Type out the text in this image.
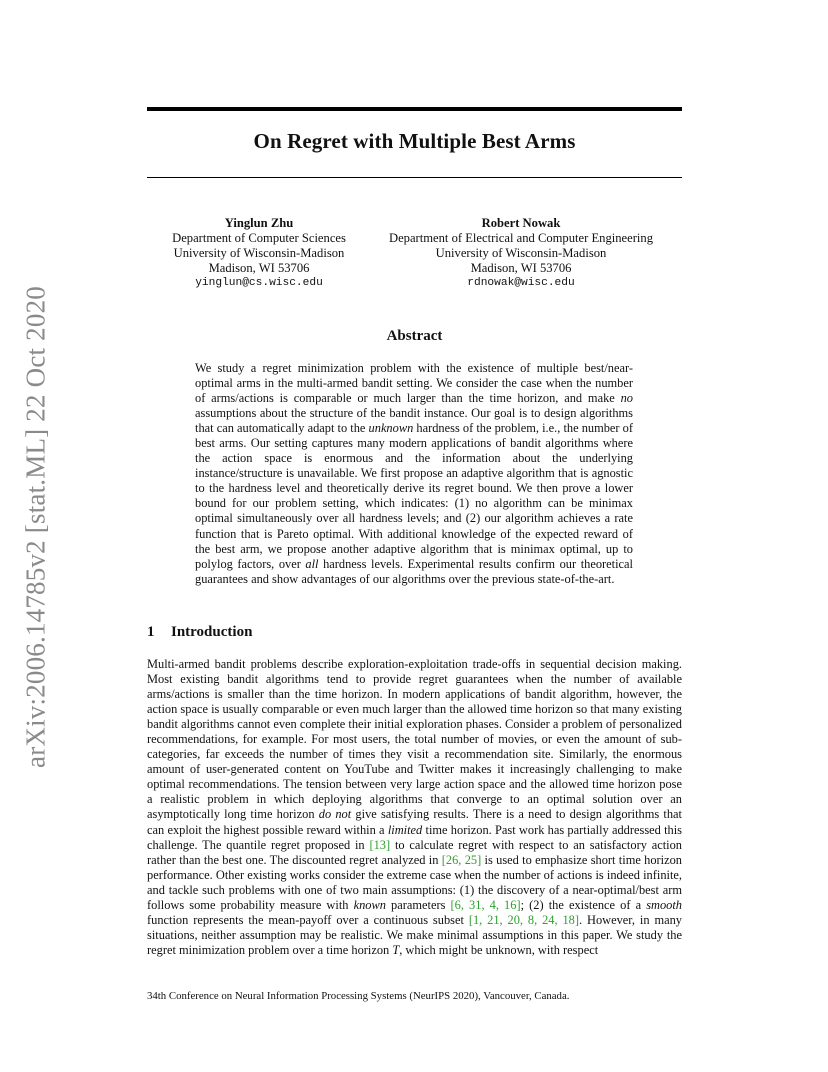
arXiv:2006.14785v2 [stat.ML] 22 Oct 2020
On Regret with Multiple Best Arms
Yinglun Zhu
Department of Computer Sciences
University of Wisconsin-Madison
Madison, WI 53706
yinglun@cs.wisc.edu
Robert Nowak
Department of Electrical and Computer Engineering
University of Wisconsin-Madison
Madison, WI 53706
rdnowak@wisc.edu
Abstract

We study a regret minimization problem with the existence of multiple best/near-optimal arms in the multi-armed bandit setting. We consider the case when the number of arms/actions is comparable or much larger than the time horizon, and make no assumptions about the structure of the bandit instance. Our goal is to design algorithms that can automatically adapt to the unknown hardness of the problem, i.e., the number of best arms. Our setting captures many modern applications of bandit algorithms where the action space is enormous and the information about the underlying instance/structure is unavailable. We first propose an adaptive algorithm that is agnostic to the hardness level and theoretically derive its regret bound. We then prove a lower bound for our problem setting, which indicates: (1) no algorithm can be minimax optimal simultaneously over all hardness levels; and (2) our algorithm achieves a rate function that is Pareto optimal. With additional knowledge of the expected reward of the best arm, we propose another adaptive algorithm that is minimax optimal, up to polylog factors, over all hardness levels. Experimental results confirm our theoretical guarantees and show advantages of our algorithms over the previous state-of-the-art.

1 Introduction

Multi-armed bandit problems describe exploration-exploitation trade-offs in sequential decision making. Most existing bandit algorithms tend to provide regret guarantees when the number of available arms/actions is smaller than the time horizon. In modern applications of bandit algorithm, however, the action space is usually comparable or even much larger than the allowed time horizon so that many existing bandit algorithms cannot even complete their initial exploration phases. Consider a problem of personalized recommendations, for example. For most users, the total number of movies, or even the amount of sub-categories, far exceeds the number of times they visit a recommendation site. Similarly, the enormous amount of user-generated content on YouTube and Twitter makes it increasingly challenging to make optimal recommendations. The tension between very large action space and the allowed time horizon pose a realistic problem in which deploying algorithms that converge to an optimal solution over an asymptotically long time horizon do not give satisfying results. There is a need to design algorithms that can exploit the highest possible reward within a limited time horizon. Past work has partially addressed this challenge. The quantile regret proposed in [13] to calculate regret with respect to an satisfactory action rather than the best one. The discounted regret analyzed in [26, 25] is used to emphasize short time horizon performance. Other existing works consider the extreme case when the number of actions is indeed infinite, and tackle such problems with one of two main assumptions: (1) the discovery of a near-optimal/best arm follows some probability measure with known parameters [6, 31, 4, 16]; (2) the existence of a smooth function represents the mean-payoff over a continuous subset [1, 21, 20, 8, 24, 18]. However, in many situations, neither assumption may be realistic. We make minimal assumptions in this paper. We study the regret minimization problem over a time horizon T, which might be unknown, with respect

34th Conference on Neural Information Processing Systems (NeurIPS 2020), Vancouver, Canada.
